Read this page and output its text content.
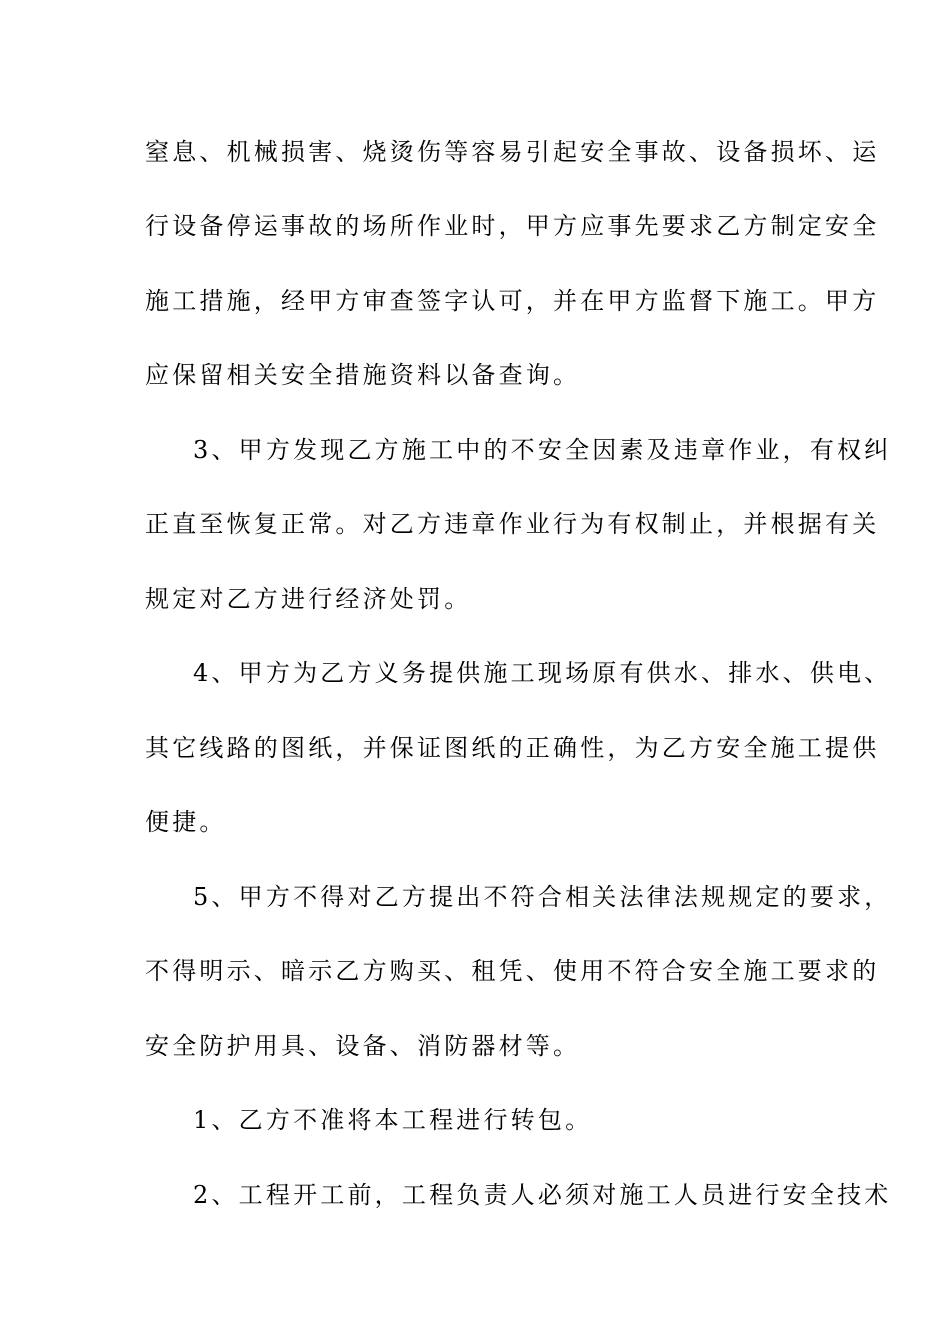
窒息、机械损害、烧烫伤等容易引起安全事故、设备损坏、运
行设备停运事故的场所作业时，甲方应事先要求乙方制定安全
施工措施，经甲方审查签字认可，并在甲方监督下施工。甲方
应保留相关安全措施资料以备查询。
3、甲方发现乙方施工中的不安全因素及违章作业，有权纠
正直至恢复正常。对乙方违章作业行为有权制止，并根据有关
规定对乙方进行经济处罚。
4、甲方为乙方义务提供施工现场原有供水、排水、供电、
其它线路的图纸，并保证图纸的正确性，为乙方安全施工提供
便捷。
5、甲方不得对乙方提出不符合相关法律法规规定的要求，
不得明示、暗示乙方购买、租凭、使用不符合安全施工要求的
安全防护用具、设备、消防器材等。
1、乙方不准将本工程进行转包。
2、工程开工前，工程负责人必须对施工人员进行安全技术
